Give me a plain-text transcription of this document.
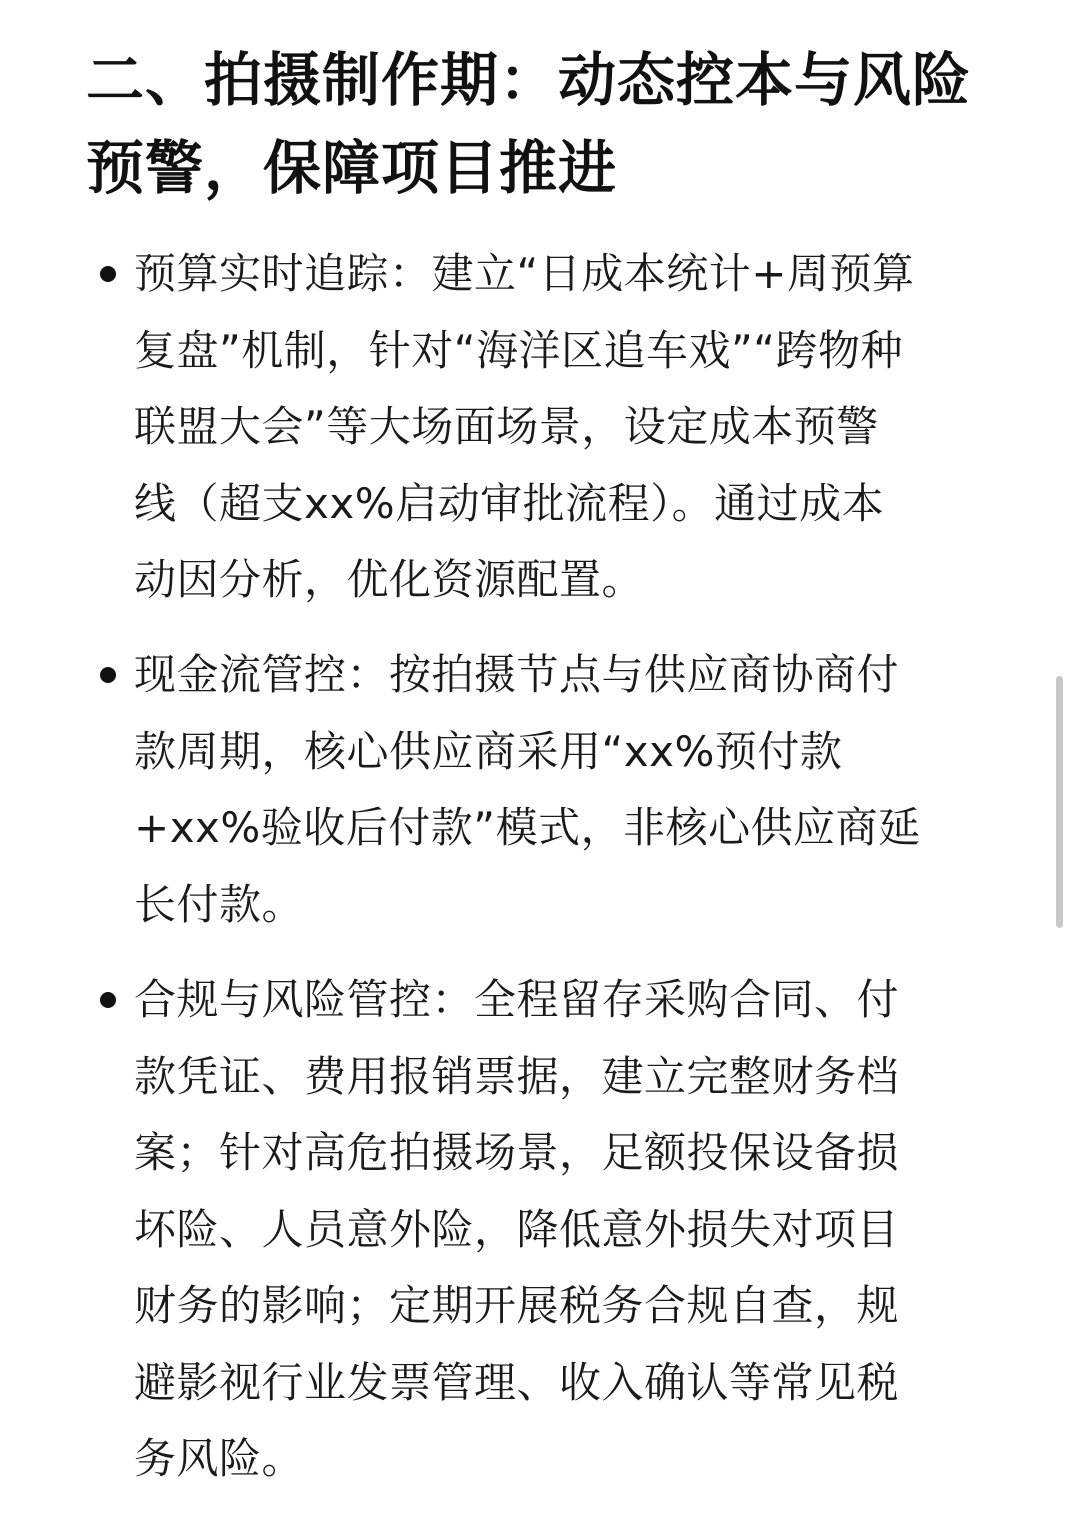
二、拍摄制作期：动态控本与风险
预警，保障项目推进

预算实时追踪：建立“日成本统计+周预算
复盘”机制，针对“海洋区追车戏”“跨物种
联盟大会”等大场面场景，设定成本预警
线（超支xx%启动审批流程）。通过成本
动因分析，优化资源配置。

现金流管控：按拍摄节点与供应商协商付
款周期，核心供应商采用“xx%预付款
+xx%验收后付款”模式，非核心供应商延
长付款。

合规与风险管控：全程留存采购合同、付
款凭证、费用报销票据，建立完整财务档
案；针对高危拍摄场景，足额投保设备损
坏险、人员意外险，降低意外损失对项目
财务的影响；定期开展税务合规自查，规
避影视行业发票管理、收入确认等常见税
务风险。
